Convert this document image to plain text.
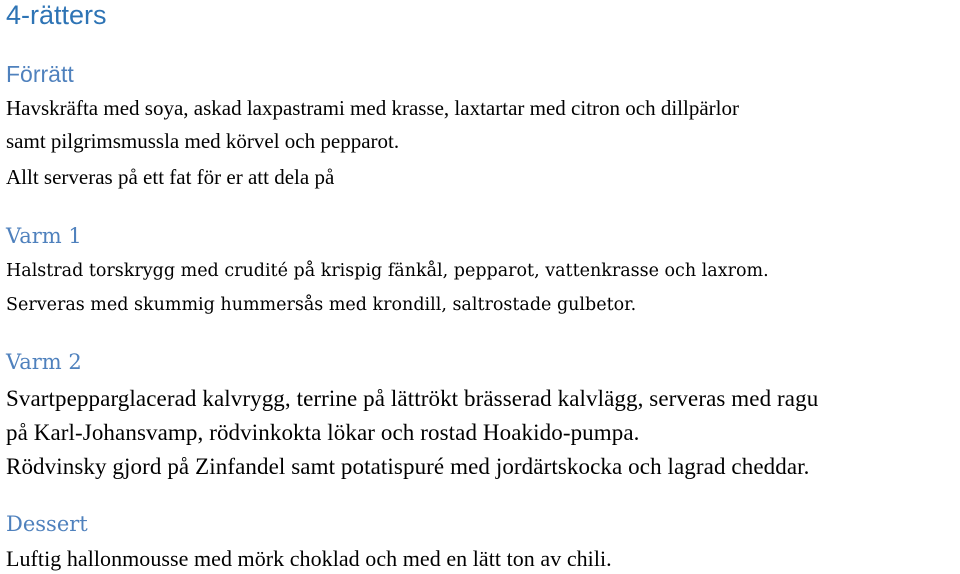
4-rätters
Förrätt

Havskräfta med soya, askad laxpastrami med krasse, laxtartar med citron och dillpärlor

samt pilgrimsmussla med körvel och pepparot.

Allt serveras på ett fat för er att dela på

Varm 1

Halstrad torskrygg med crudité på krispig fänkål, pepparot, vattenkrasse och laxrom.

Serveras med skummig hummersås med krondill, saltrostade gulbetor.

Varm 2

Svartpepparglacerad kalvrygg, terrine på lättrökt brässerad kalvlägg, serveras med ragu

på Karl-Johansvamp, rödvinkokta lökar och rostad Hoakido-pumpa.

Rödvinsky gjord på Zinfandel samt potatispuré med jordärtskocka och lagrad cheddar.

Dessert

Luftig hallonmousse med mörk choklad och med en lätt ton av chili.
